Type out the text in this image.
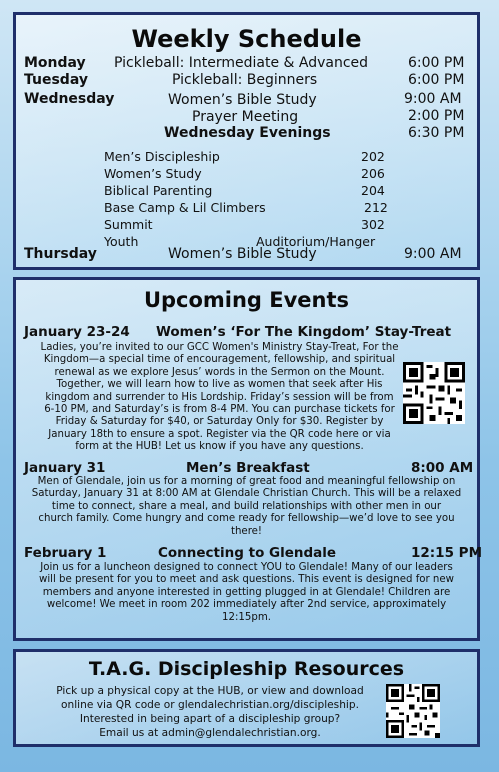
Weekly Schedule
Monday Pickleball: Intermediate & Advanced	6:00 PM
Tuesday	Pickleball: Beginners	6:00 PM
Wednesday	Women’s Bible Study	9:00 AM
Prayer Meeting	2:00 PM
Wednesday Evenings	6:30 PM
Men’s Discipleship	202
Women’s Study	206
Biblical Parenting	204
Base Camp & Lil Climbers	212
Summit	302
Youth	Auditorium/Hanger
Thursday	Women’s Bible Study	9:00 AM
Upcoming Events
January 23-24 Women’s ‘For The Kingdom’ Stay-Treat
Ladies, you’re invited to our GCC Women's Ministry Stay-Treat, For the
Kingdom—a special time of encouragement, fellowship, and spiritual
renewal as we explore Jesus’ words in the Sermon on the Mount.
Together, we will learn how to live as women that seek after His
kingdom and surrender to His Lordship. Friday’s session will be from
6-10 PM, and Saturday’s is from 8-4 PM. You can purchase tickets for
Friday & Saturday for $40, or Saturday Only for $30. Register by
January 18th to ensure a spot. Register via the QR code here or via
form at the HUB! Let us know if you have any questions.
January 31	Men’s Breakfast	8:00 AM
Men of Glendale, join us for a morning of great food and meaningful fellowship on
Saturday, January 31 at 8:00 AM at Glendale Christian Church. This will be a relaxed
time to connect, share a meal, and build relationships with other men in our
church family. Come hungry and come ready for fellowship—we’d love to see you
there!
February 1	Connecting to Glendale	12:15 PM
Join us for a luncheon designed to connect YOU to Glendale! Many of our leaders
will be present for you to meet and ask questions. This event is designed for new
members and anyone interested in getting plugged in at Glendale! Children are
welcome! We meet in room 202 immediately after 2nd service, approximately
12:15pm.
T.A.G. Discipleship Resources
Pick up a physical copy at the HUB, or view and download
online via QR code or glendalechristian.org/discipleship.
Interested in being apart of a discipleship group?
Email us at admin@glendalechristian.org.
